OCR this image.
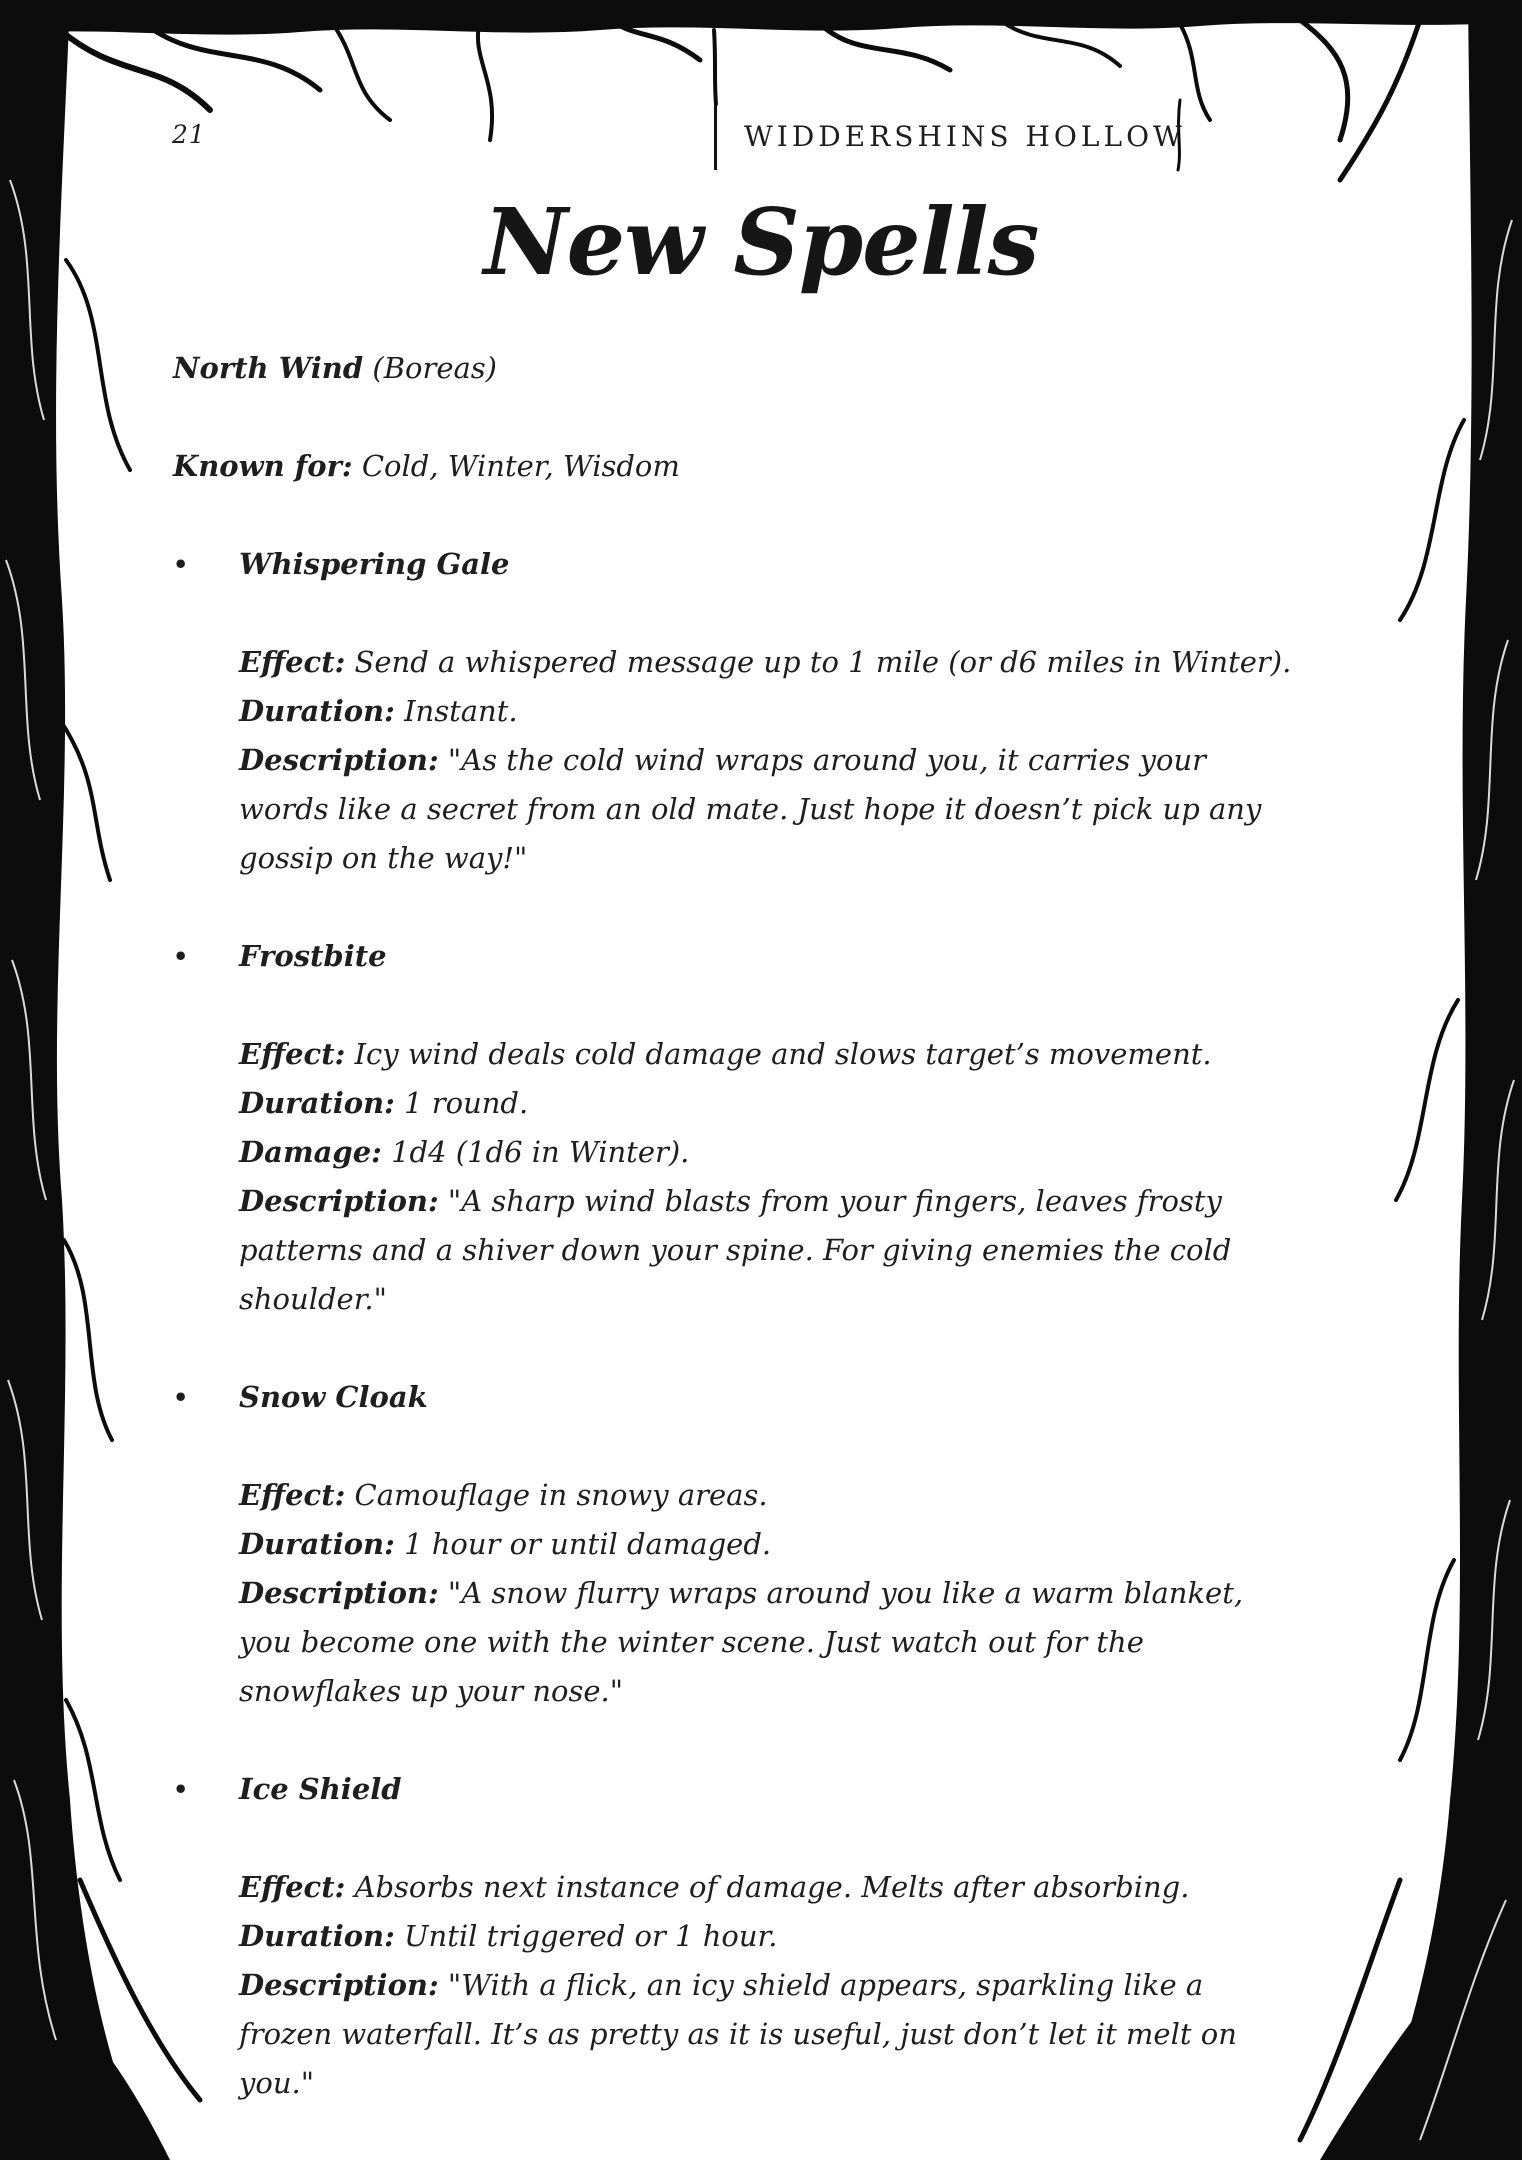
21	WIDDERSHINS HOLLOW
New Spells
North Wind (Boreas)
Known for: Cold, Winter, Wisdom
• Whispering Gale
Effect: Send a whispered message up to 1 mile (or d6 miles in Winter).
Duration: Instant.
Description: "As the cold wind wraps around you, it carries your words like a secret from an old mate. Just hope it doesn’t pick up any gossip on the way!"
• Frostbite
Effect: Icy wind deals cold damage and slows target’s movement.
Duration: 1 round.
Damage: 1d4 (1d6 in Winter).
Description: "A sharp wind blasts from your fingers, leaves frosty patterns and a shiver down your spine. For giving enemies the cold shoulder."
• Snow Cloak
Effect: Camouflage in snowy areas.
Duration: 1 hour or until damaged.
Description: "A snow flurry wraps around you like a warm blanket, you become one with the winter scene. Just watch out for the snowflakes up your nose."
• Ice Shield
Effect: Absorbs next instance of damage. Melts after absorbing.
Duration: Until triggered or 1 hour.
Description: "With a flick, an icy shield appears, sparkling like a frozen waterfall. It’s as pretty as it is useful, just don’t let it melt on you."
